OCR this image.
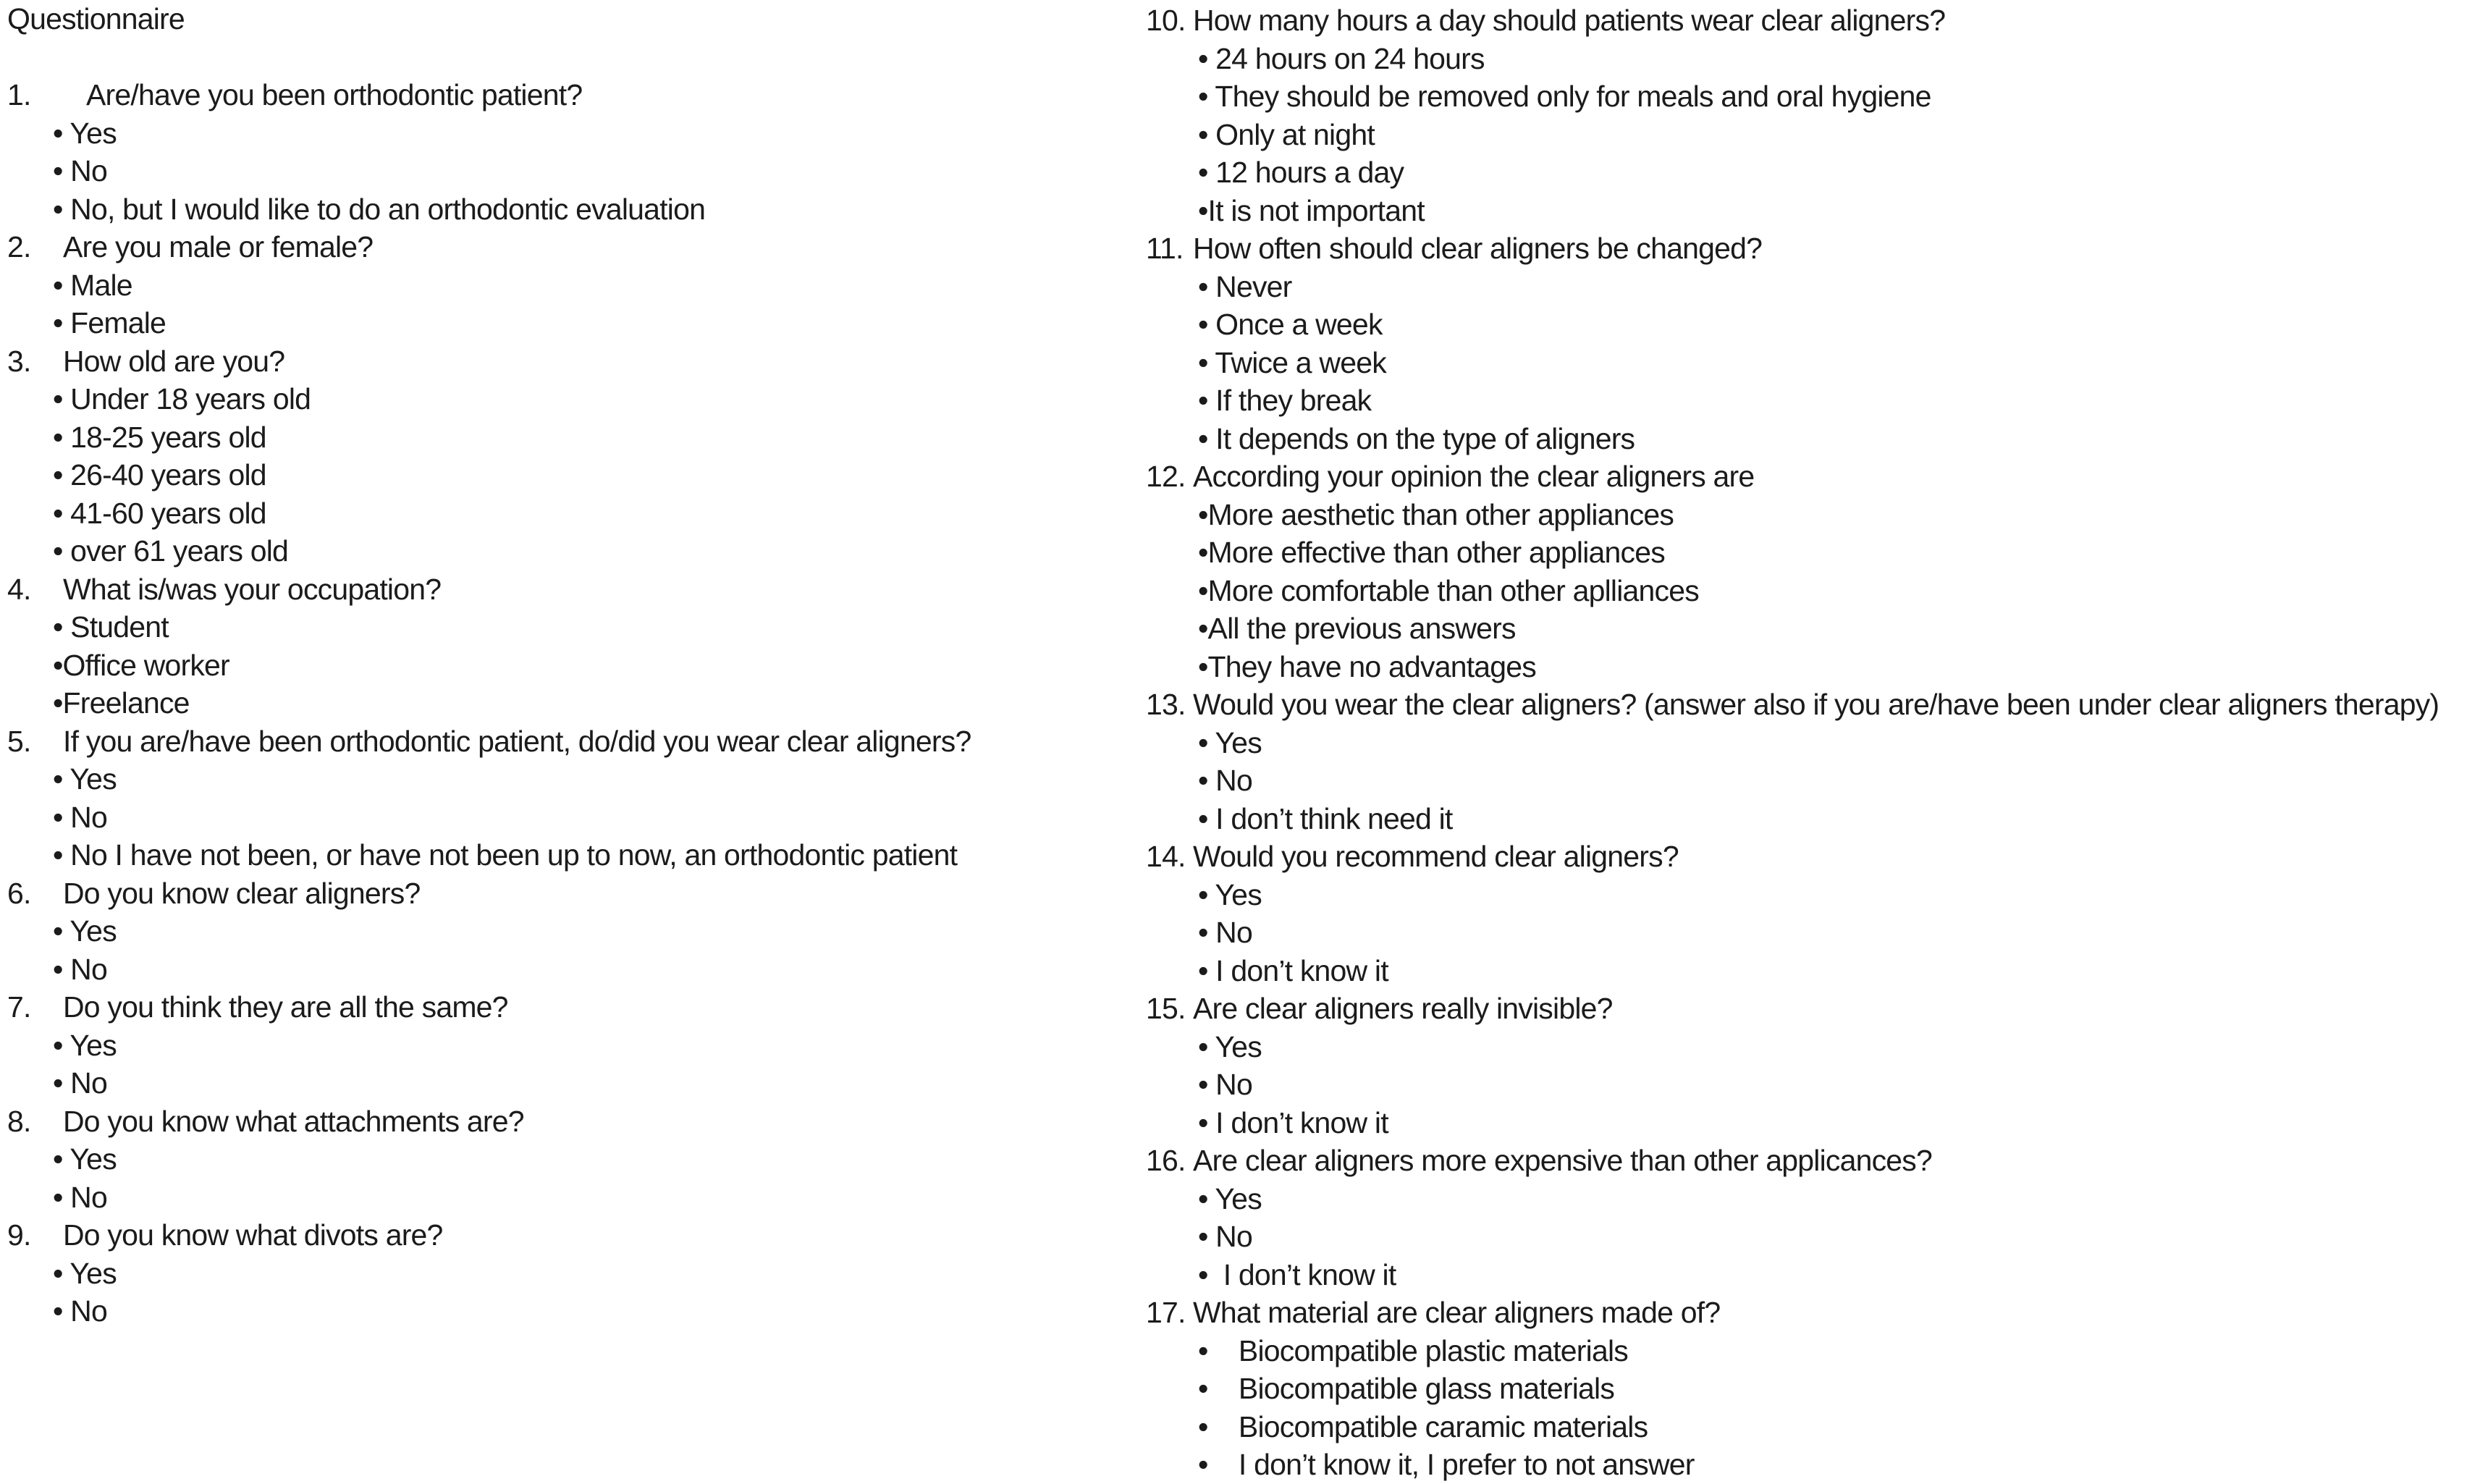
Questionnaire
1. Are/have you been orthodontic patient?
• Yes
• No
• No, but I would like to do an orthodontic evaluation
2. Are you male or female?
• Male
• Female
3. How old are you?
• Under 18 years old
• 18-25 years old
• 26-40 years old
• 41-60 years old
• over 61 years old
4. What is/was your occupation?
• Student
•Office worker
•Freelance
5. If you are/have been orthodontic patient, do/did you wear clear aligners?
• Yes
• No
• No I have not been, or have not been up to now, an orthodontic patient
6. Do you know clear aligners?
• Yes
• No
7. Do you think they are all the same?
• Yes
• No
8. Do you know what attachments are?
• Yes
• No
9. Do you know what divots are?
• Yes
• No
10. How many hours a day should patients wear clear aligners?
• 24 hours on 24 hours
• They should be removed only for meals and oral hygiene
• Only at night
• 12 hours a day
•It is not important
11. How often should clear aligners be changed?
• Never
• Once a week
• Twice a week
• If they break
• It depends on the type of aligners
12. According your opinion the clear aligners are
•More aesthetic than other appliances
•More effective than other appliances
•More comfortable than other aplliances
•All the previous answers
•They have no advantages
13. Would you wear the clear aligners? (answer also if you are/have been under clear aligners therapy)
• Yes
• No
• I don’t think need it
14. Would you recommend clear aligners?
• Yes
• No
• I don’t know it
15. Are clear aligners really invisible?
• Yes
• No
• I don’t know it
16. Are clear aligners more expensive than other applicances?
• Yes
• No
•  I don’t know it
17. What material are clear aligners made of?
•    Biocompatible plastic materials
•    Biocompatible glass materials
•    Biocompatible caramic materials
•    I don’t know it, I prefer to not answer
